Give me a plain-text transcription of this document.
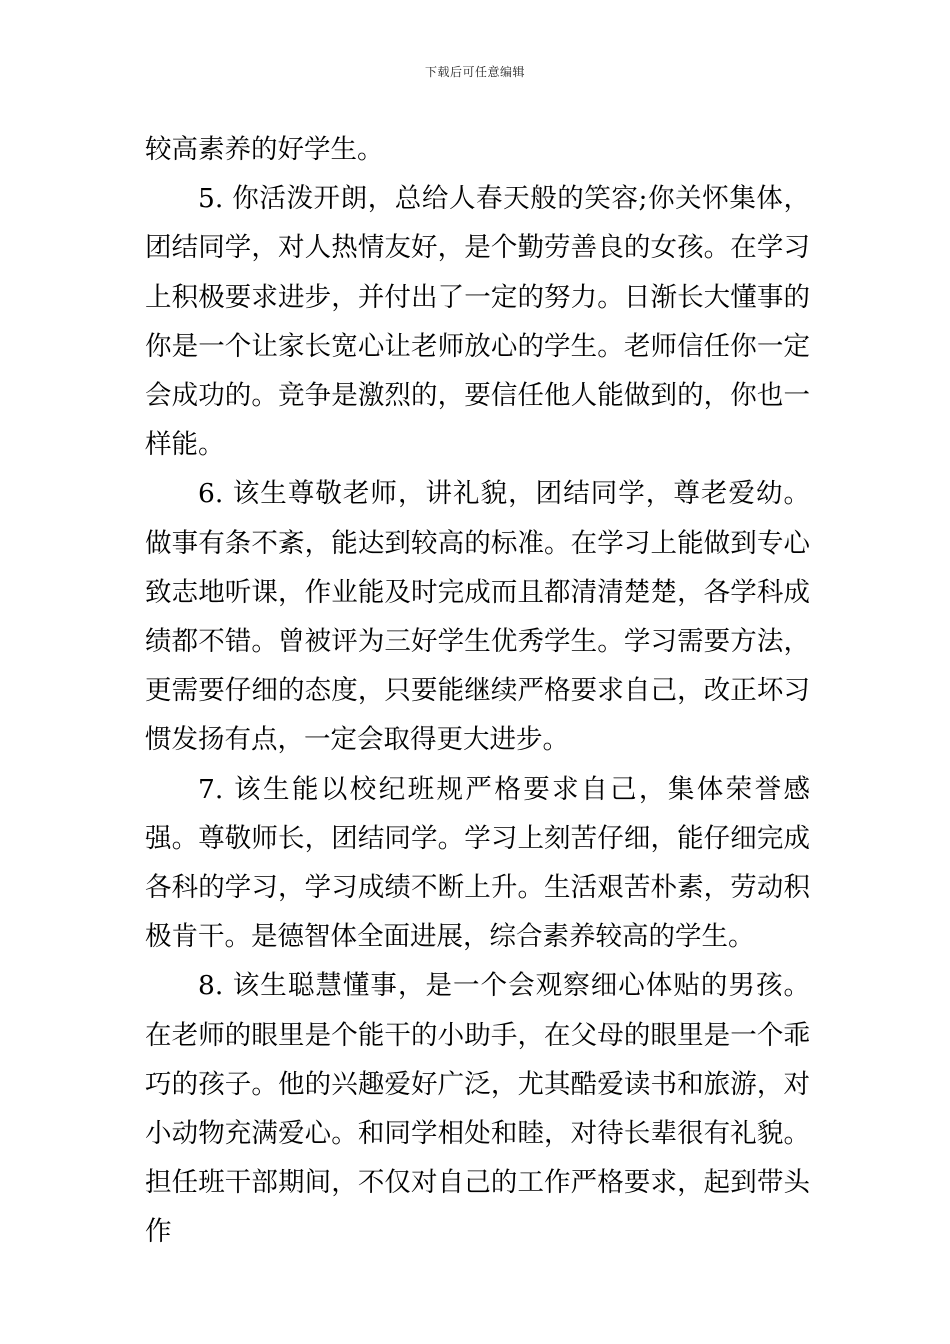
下载后可任意编辑

较高素养的好学生。

5. 你活泼开朗，总给人春天般的笑容;你关怀集体，团结同学，对人热情友好，是个勤劳善良的女孩。在学习上积极要求进步，并付出了一定的努力。日渐长大懂事的你是一个让家长宽心让老师放心的学生。老师信任你一定会成功的。竞争是激烈的，要信任他人能做到的，你也一样能。

6. 该生尊敬老师，讲礼貌，团结同学，尊老爱幼。做事有条不紊，能达到较高的标准。在学习上能做到专心致志地听课，作业能及时完成而且都清清楚楚，各学科成绩都不错。曾被评为三好学生优秀学生。学习需要方法，更需要仔细的态度，只要能继续严格要求自己，改正坏习惯发扬有点，一定会取得更大进步。

7. 该生能以校纪班规严格要求自己，集体荣誉感强。尊敬师长，团结同学。学习上刻苦仔细，能仔细完成各科的学习，学习成绩不断上升。生活艰苦朴素，劳动积极肯干。是德智体全面进展，综合素养较高的学生。

8. 该生聪慧懂事，是一个会观察细心体贴的男孩。在老师的眼里是个能干的小助手，在父母的眼里是一个乖巧的孩子。他的兴趣爱好广泛，尤其酷爱读书和旅游，对小动物充满爱心。和同学相处和睦，对待长辈很有礼貌。担任班干部期间，不仅对自己的工作严格要求，起到带头作
